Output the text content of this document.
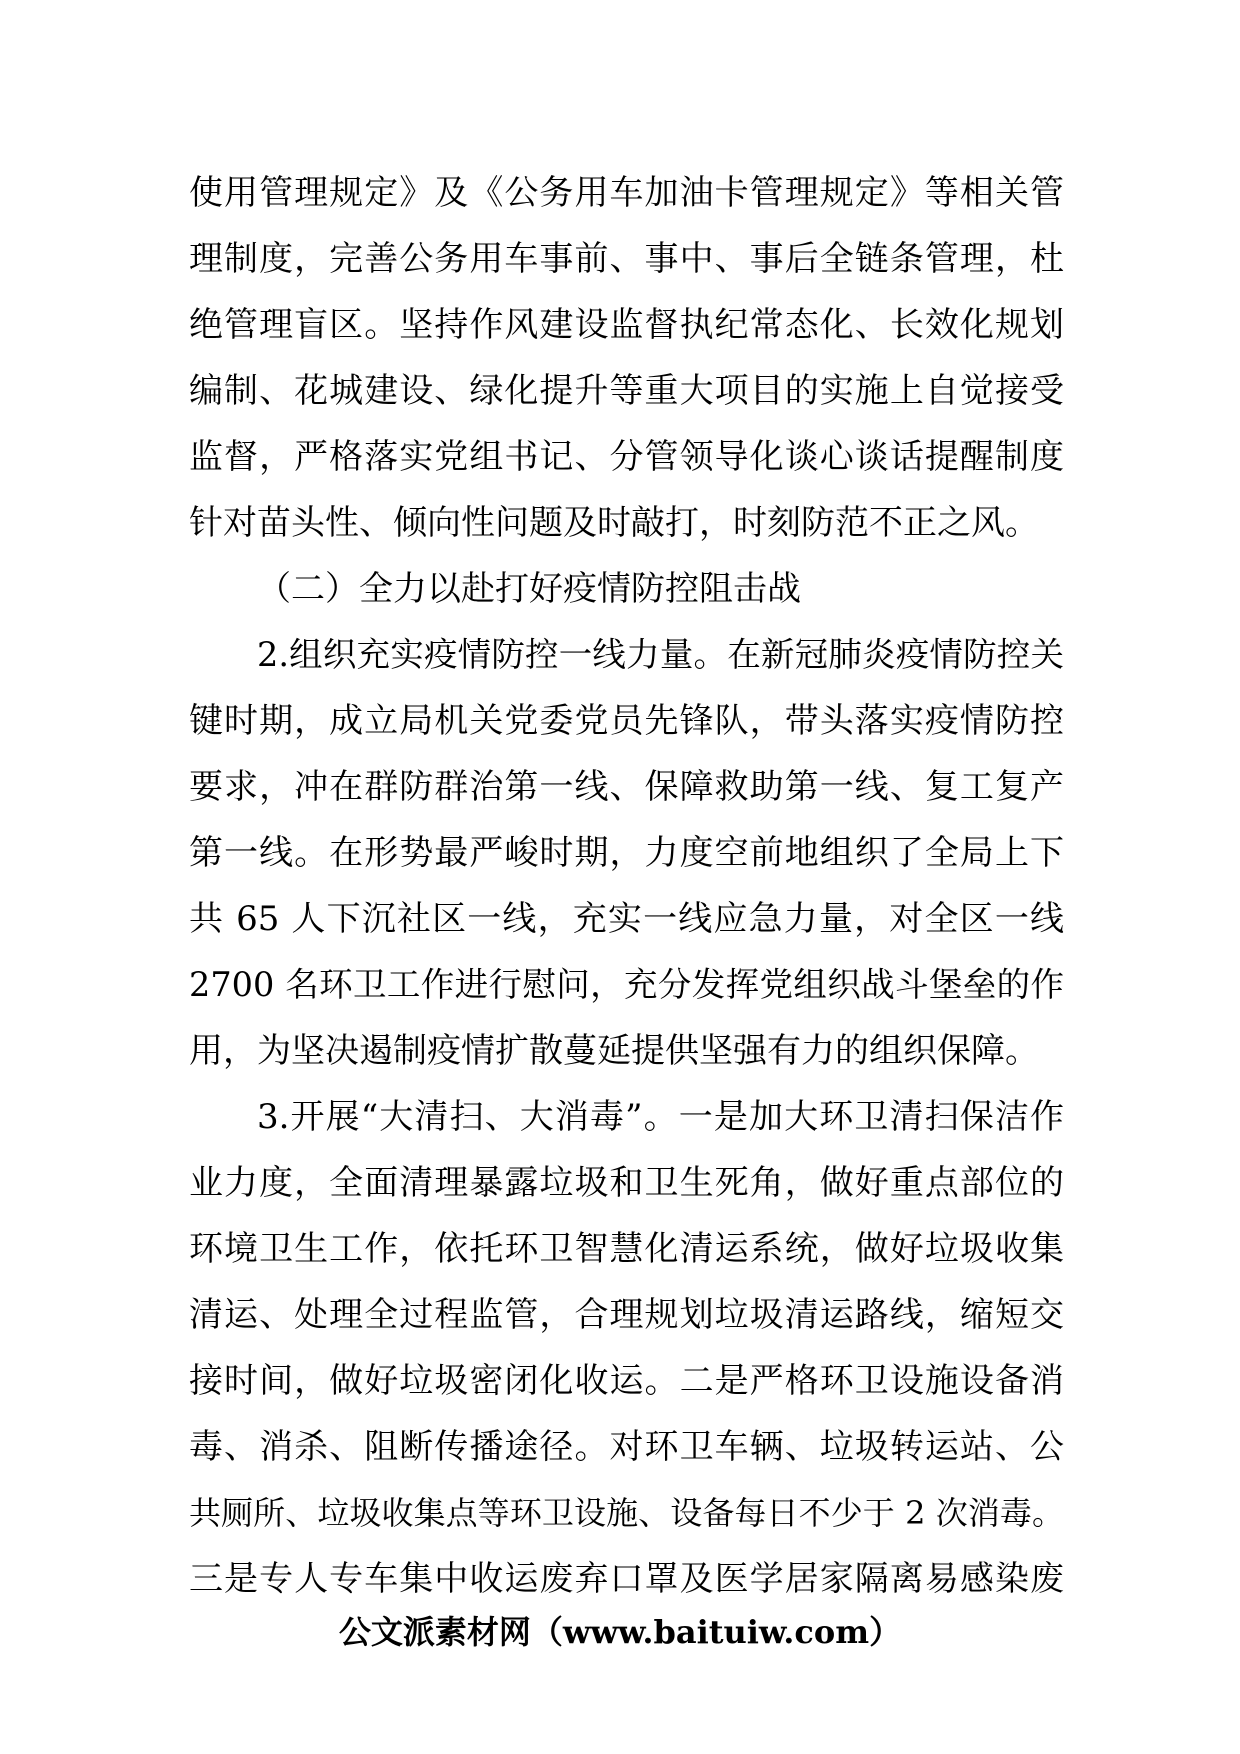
使用管理规定》及《公务用车加油卡管理规定》等相关管
理制度，完善公务用车事前、事中、事后全链条管理，杜
绝管理盲区。坚持作风建设监督执纪常态化、长效化规划
编制、花城建设、绿化提升等重大项目的实施上自觉接受
监督，严格落实党组书记、分管领导化谈心谈话提醒制度
针对苗头性、倾向性问题及时敲打，时刻防范不正之风。
（二）全力以赴打好疫情防控阻击战
2.组织充实疫情防控一线力量。在新冠肺炎疫情防控关
键时期，成立局机关党委党员先锋队，带头落实疫情防控
要求，冲在群防群治第一线、保障救助第一线、复工复产
第一线。在形势最严峻时期，力度空前地组织了全局上下
共 65 人下沉社区一线，充实一线应急力量，对全区一线
2700 名环卫工作进行慰问，充分发挥党组织战斗堡垒的作
用，为坚决遏制疫情扩散蔓延提供坚强有力的组织保障。
3.开展“大清扫、大消毒”。一是加大环卫清扫保洁作
业力度，全面清理暴露垃圾和卫生死角，做好重点部位的
环境卫生工作，依托环卫智慧化清运系统，做好垃圾收集
清运、处理全过程监管，合理规划垃圾清运路线，缩短交
接时间，做好垃圾密闭化收运。二是严格环卫设施设备消
毒、消杀、阻断传播途径。对环卫车辆、垃圾转运站、公
共厕所、垃圾收集点等环卫设施、设备每日不少于 2 次消毒。
三是专人专车集中收运废弃口罩及医学居家隔离易感染废
公文派素材网（www.baituiw.com）
